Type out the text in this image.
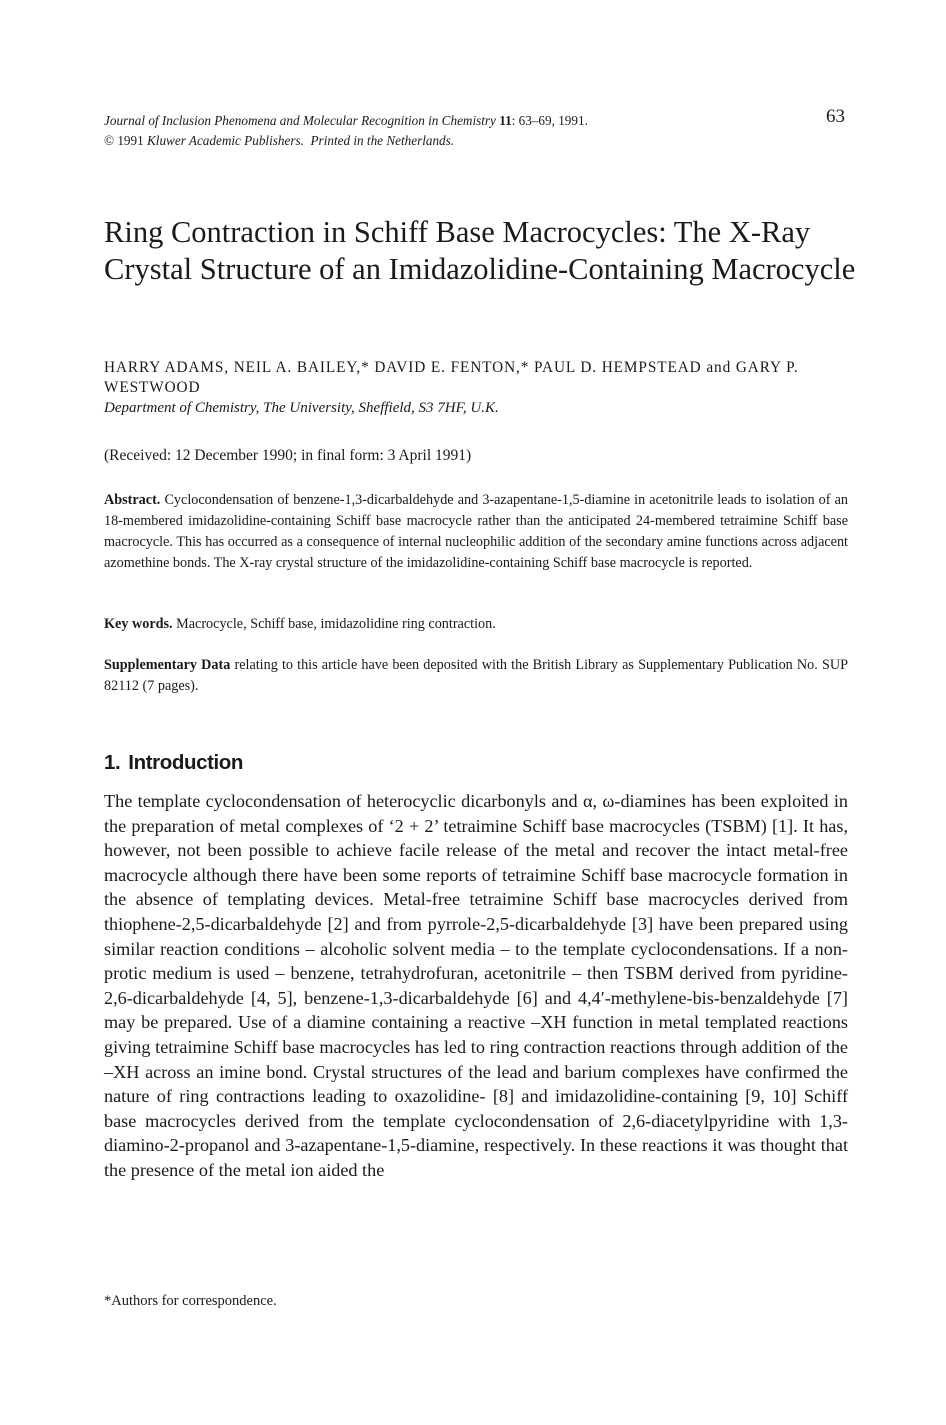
Journal of Inclusion Phenomena and Molecular Recognition in Chemistry 11: 63–69, 1991.
© 1991 Kluwer Academic Publishers. Printed in the Netherlands.
63
Ring Contraction in Schiff Base Macrocycles: The X-Ray Crystal Structure of an Imidazolidine-Containing Macrocycle
HARRY ADAMS, NEIL A. BAILEY,* DAVID E. FENTON,* PAUL D. HEMPSTEAD and GARY P. WESTWOOD
Department of Chemistry, The University, Sheffield, S3 7HF, U.K.
(Received: 12 December 1990; in final form: 3 April 1991)
Abstract. Cyclocondensation of benzene-1,3-dicarbaldehyde and 3-azapentane-1,5-diamine in acetonitrile leads to isolation of an 18-membered imidazolidine-containing Schiff base macrocycle rather than the anticipated 24-membered tetraimine Schiff base macrocycle. This has occurred as a consequence of internal nucleophilic addition of the secondary amine functions across adjacent azomethine bonds. The X-ray crystal structure of the imidazolidine-containing Schiff base macrocycle is reported.
Key words. Macrocycle, Schiff base, imidazolidine ring contraction.
Supplementary Data relating to this article have been deposited with the British Library as Supplementary Publication No. SUP 82112 (7 pages).
1. Introduction
The template cyclocondensation of heterocyclic dicarbonyls and α, ω-diamines has been exploited in the preparation of metal complexes of ‘2 + 2’ tetraimine Schiff base macrocycles (TSBM) [1]. It has, however, not been possible to achieve facile release of the metal and recover the intact metal-free macrocycle although there have been some reports of tetraimine Schiff base macrocycle formation in the absence of templating devices. Metal-free tetraimine Schiff base macrocycles derived from thiophene-2,5-dicarbaldehyde [2] and from pyrrole-2,5-dicarbaldehyde [3] have been prepared using similar reaction conditions – alcoholic solvent media – to the template cyclocondensations. If a non-protic medium is used – benzene, tetrahydrofuran, acetonitrile – then TSBM derived from pyridine-2,6-dicarbaldehyde [4, 5], benzene-1,3-dicarbaldehyde [6] and 4,4′-methylene-bis-benzaldehyde [7] may be prepared. Use of a diamine containing a reactive –XH function in metal templated reactions giving tetraimine Schiff base macrocycles has led to ring contraction reactions through addition of the –XH across an imine bond. Crystal structures of the lead and barium complexes have confirmed the nature of ring contractions leading to oxazolidine- [8] and imidazolidine-containing [9, 10] Schiff base macrocycles derived from the template cyclocondensation of 2,6-diacetylpyridine with 1,3-diamino-2-propanol and 3-azapentane-1,5-diamine, respectively. In these reactions it was thought that the presence of the metal ion aided the
*Authors for correspondence.
